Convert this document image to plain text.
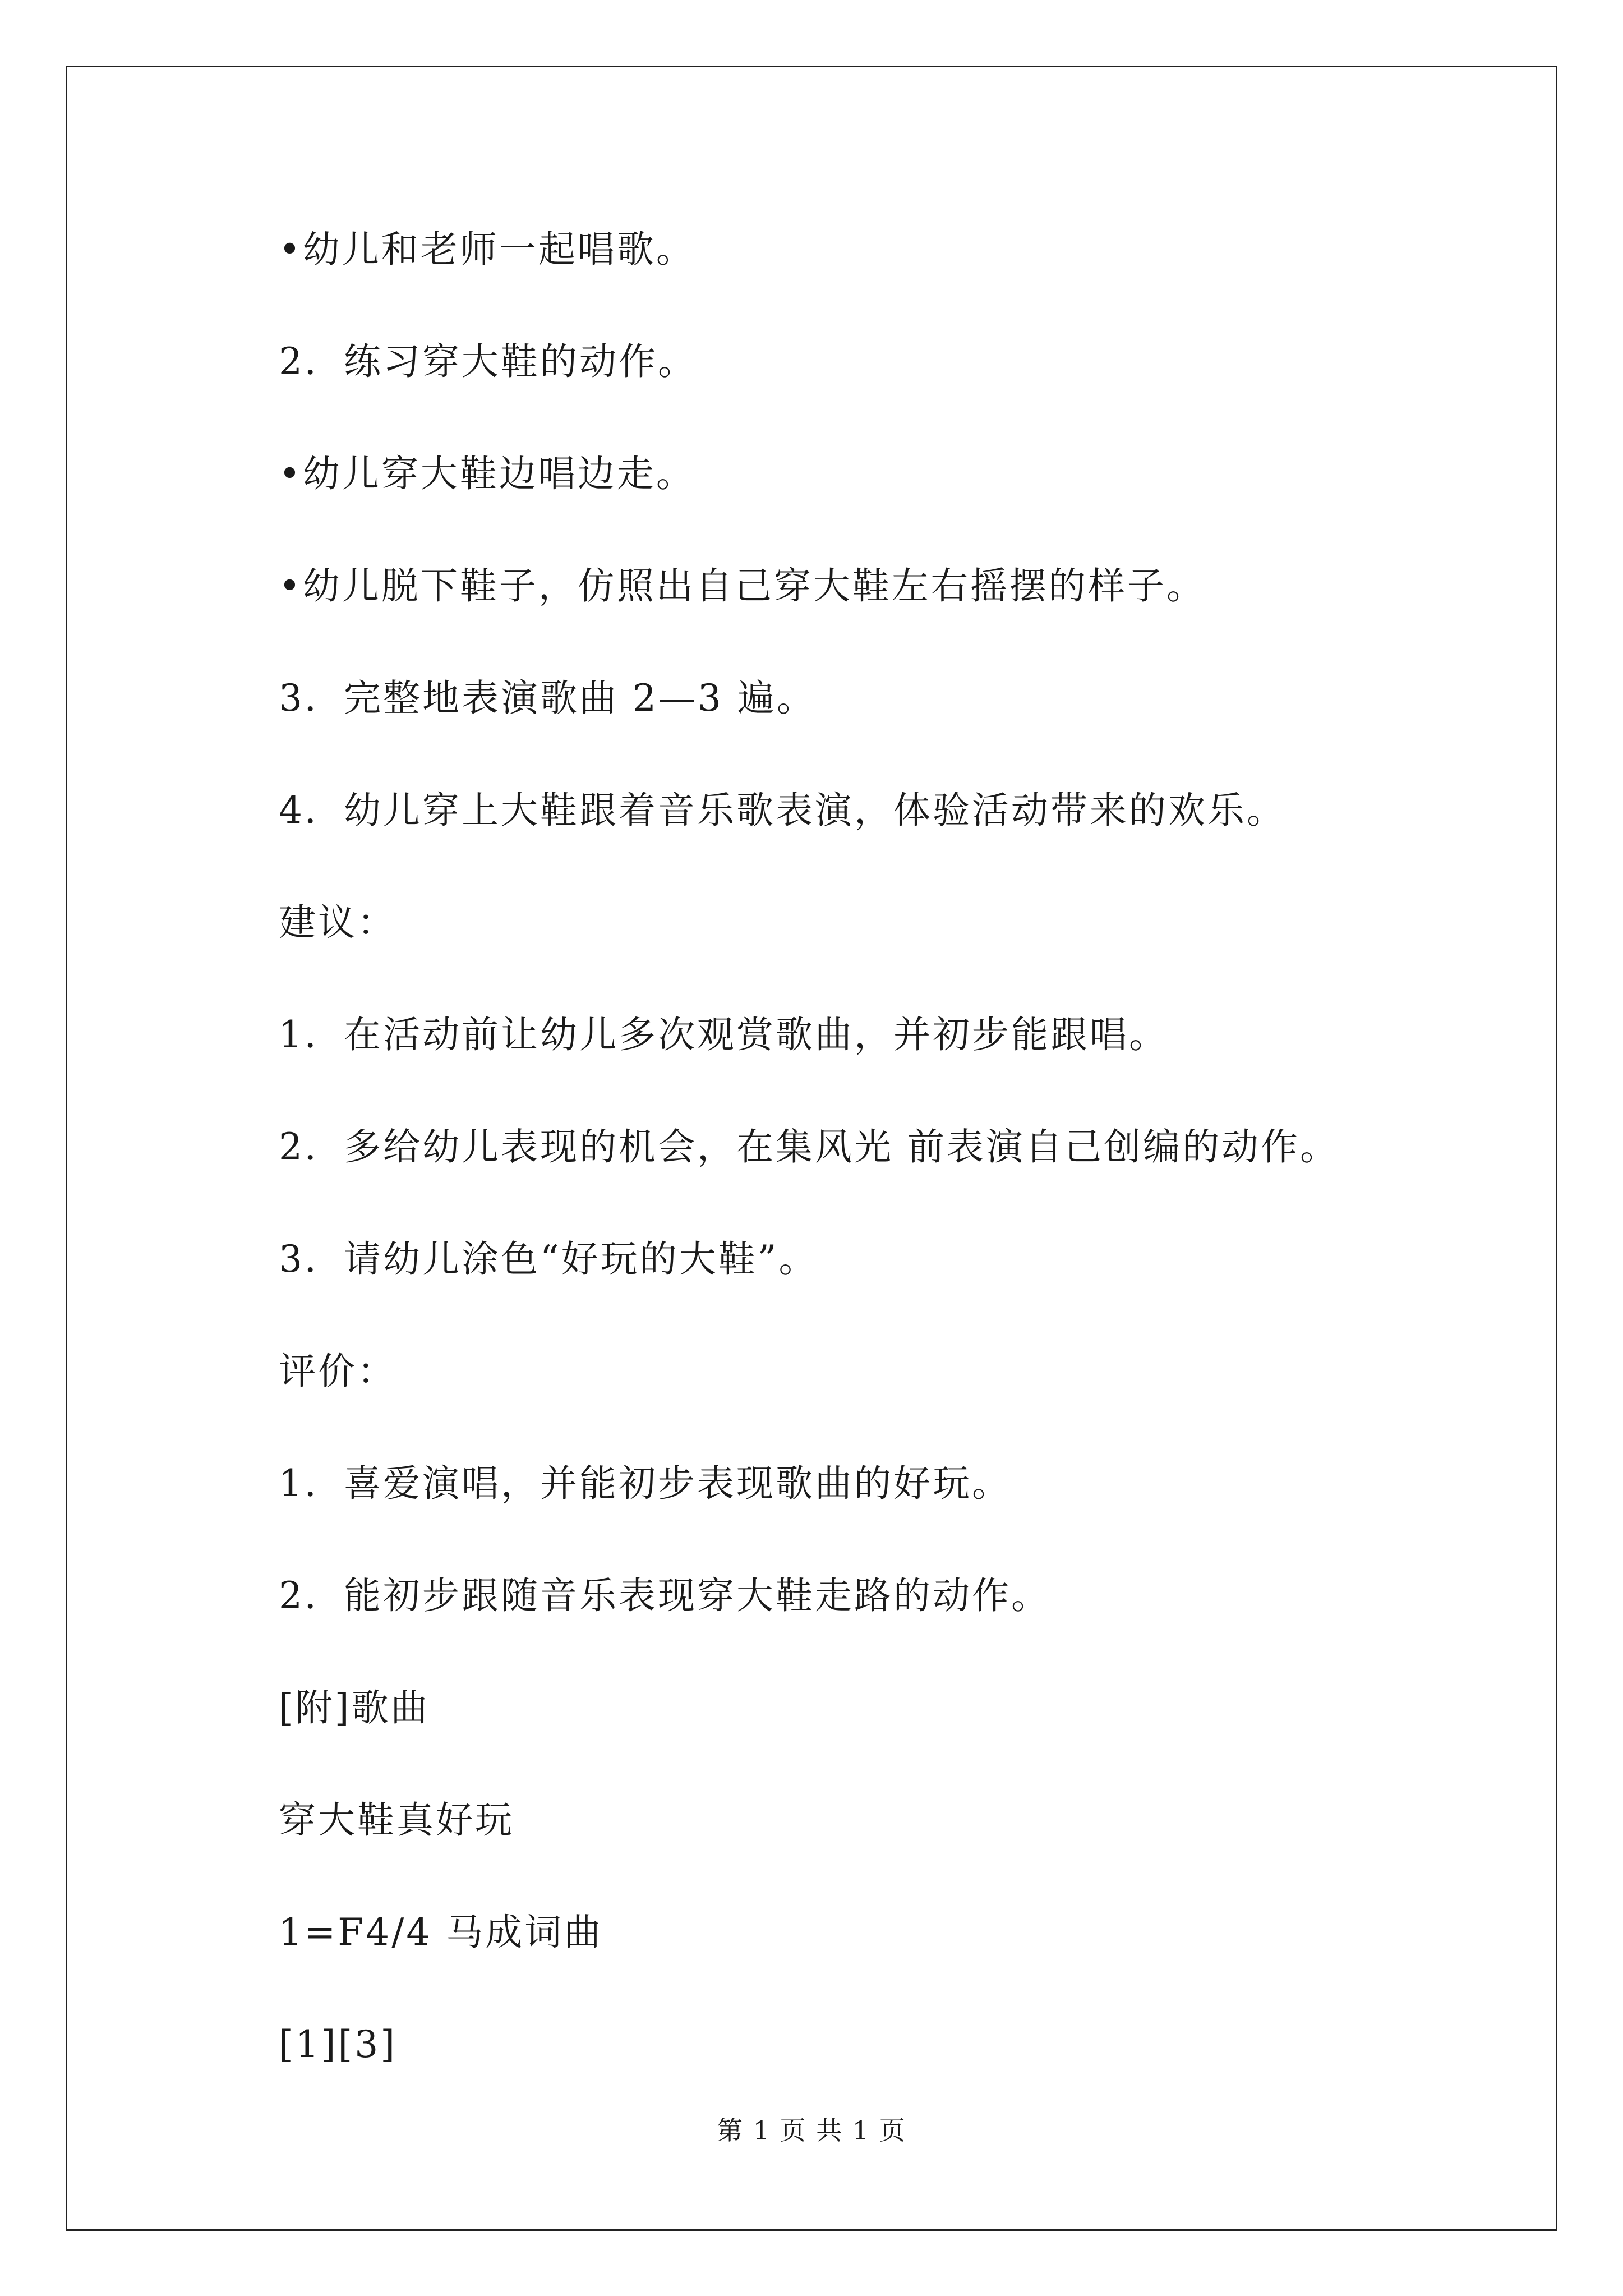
•幼儿和老师一起唱歌。
2．练习穿大鞋的动作。
•幼儿穿大鞋边唱边走。
•幼儿脱下鞋子，仿照出自己穿大鞋左右摇摆的样子。
3．完整地表演歌曲 2—3 遍。
4．幼儿穿上大鞋跟着音乐歌表演，体验活动带来的欢乐。
建议：
1．在活动前让幼儿多次观赏歌曲，并初步能跟唱。
2．多给幼儿表现的机会，在集风光 前表演自己创编的动作。
3．请幼儿涂色“好玩的大鞋”。
评价：
1．喜爱演唱，并能初步表现歌曲的好玩。
2．能初步跟随音乐表现穿大鞋走路的动作。
[附]歌曲
穿大鞋真好玩
1=F4/4 马成词曲
[1][3]
第 1 页 共 1 页
